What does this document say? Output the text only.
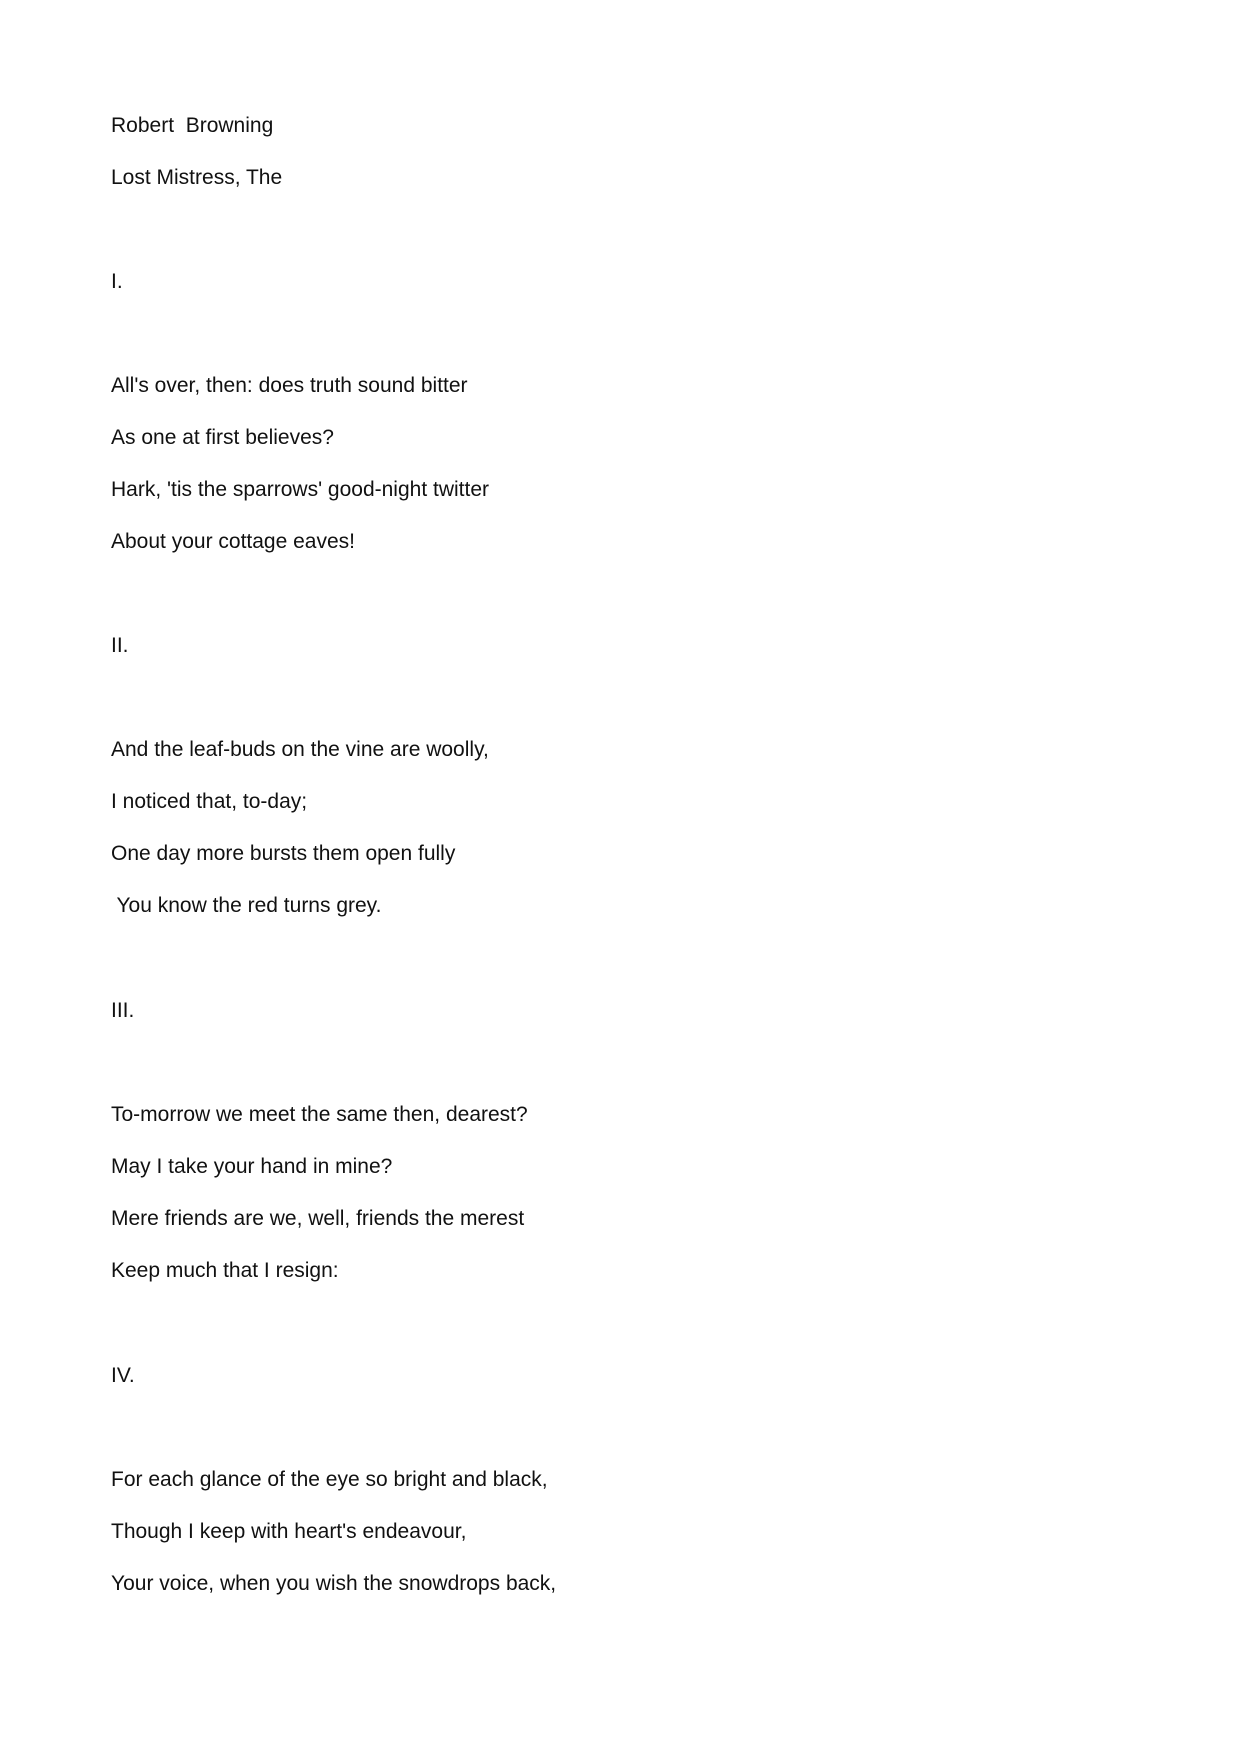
Robert  Browning

Lost Mistress, The

I.

All's over, then: does truth sound bitter

As one at first believes?

Hark, 'tis the sparrows' good-night twitter

About your cottage eaves!

II.

And the leaf-buds on the vine are woolly,

I noticed that, to-day;

One day more bursts them open fully

You know the red turns grey.

III.

To-morrow we meet the same then, dearest?

May I take your hand in mine?

Mere friends are we, well, friends the merest

Keep much that I resign:

IV.

For each glance of the eye so bright and black,

Though I keep with heart's endeavour,

Your voice, when you wish the snowdrops back,
